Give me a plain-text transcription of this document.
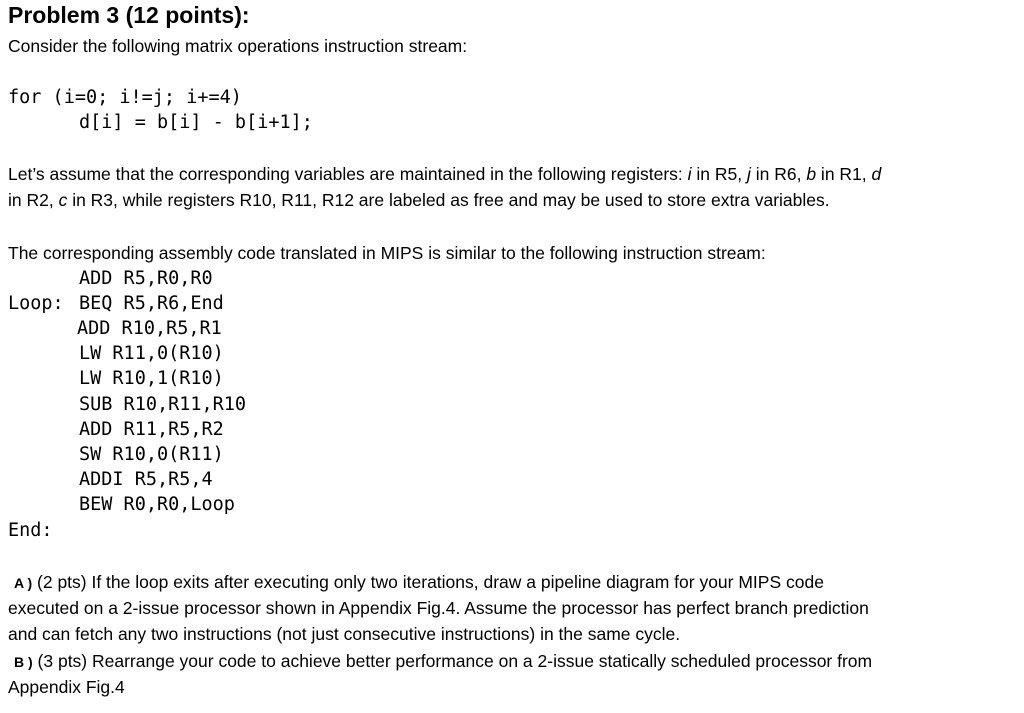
Problem 3 (12 points):
Consider the following matrix operations instruction stream:
for (i=0; i!=j; i+=4)
d[i] = b[i] - b[i+1];
Let’s assume that the corresponding variables are maintained in the following registers: i in R5, j in R6, b in R1, d
in R2, c in R3, while registers R10, R11, R12 are labeled as free and may be used to store extra variables.
The corresponding assembly code translated in MIPS is similar to the following instruction stream:
ADD R5,R0,R0
Loop: BEQ R5,R6,End
ADD R10,R5,R1
LW R11,0(R10)
LW R10,1(R10)
SUB R10,R11,R10
ADD R11,R5,R2
SW R10,0(R11)
ADDI R5,R5,4
BEW R0,R0,Loop
End:
A ) (2 pts) If the loop exits after executing only two iterations, draw a pipeline diagram for your MIPS code
executed on a 2-issue processor shown in Appendix Fig.4. Assume the processor has perfect branch prediction
and can fetch any two instructions (not just consecutive instructions) in the same cycle.
B ) (3 pts) Rearrange your code to achieve better performance on a 2-issue statically scheduled processor from
Appendix Fig.4
